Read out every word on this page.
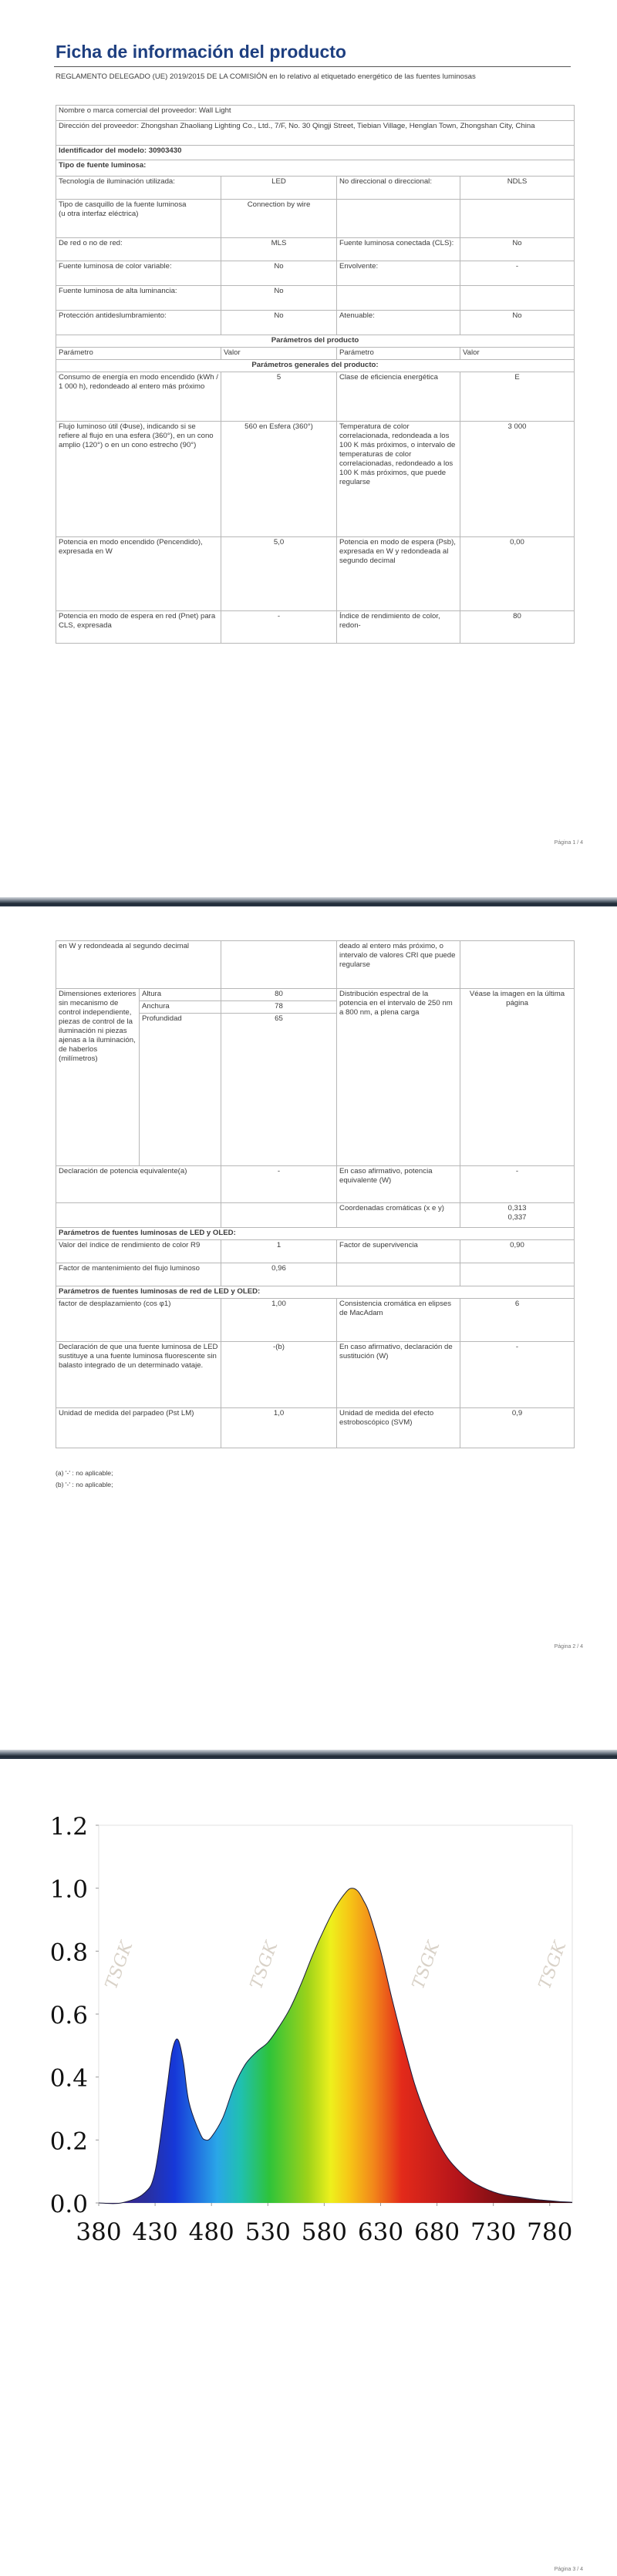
Ficha de información del producto
REGLAMENTO DELEGADO (UE) 2019/2015 DE LA COMISIÓN en lo relativo al etiquetado energético de las fuentes luminosas
Nombre o marca comercial del proveedor: Wall Light			
Dirección del proveedor: Zhongshan Zhaoliang Lighting Co., Ltd., 7/F, No. 30 Qingji Street, Tiebian Village, Henglan Town, Zhongshan City, China			
Identificador del modelo: 30903430			
Tipo de fuente luminosa:			
Tecnología de iluminación utilizada:	LED	No direccional o direccional:	NDLS
Tipo de casquillo de la fuente luminosa
(u otra interfaz eléctrica)	Connection by wire		
De red o no de red:	MLS	Fuente luminosa conectada (CLS):	No
Fuente luminosa de color variable:	No	Envolvente:	-
Fuente luminosa de alta luminancia:	No		
Protección antideslumbramiento:	No	Atenuable:	No
Parámetros del producto			
Parámetro	Valor	Parámetro	Valor
Parámetros generales del producto:			
Consumo de energía en modo encendido (kWh / 1 000 h), redondeado al entero más próximo	5	Clase de eficiencia energética	E
Flujo luminoso útil (Φuse), indicando si se refiere al flujo en una esfera (360°), en un cono amplio (120°) o en un cono estrecho (90°)	560 en Esfera (360°)	Temperatura de color correlacionada, redondeada a los 100 K más próximos, o intervalo de temperaturas de color correlacionadas, redondeado a los 100 K más próximos, que puede regularse	3 000
Potencia en modo encendido (Pencendido), expresada en W	5,0	Potencia en modo de espera (Psb), expresada en W y redondeada al segundo decimal	0,00
Potencia en modo de espera en red (Pnet) para CLS, expresada	-	Índice de rendimiento de color, redon-	80
Página 1 / 4
en W y redondeada al segundo decimal			deado al entero más próximo, o intervalo de valores CRI que puede regularse	
Dimensiones exteriores sin mecanismo de control independiente, piezas de control de la iluminación ni piezas ajenas a la iluminación, de haberlos (milímetros)	Altura	80	Distribución espectral de la potencia en el intervalo de 250 nm a 800 nm, a plena carga	Véase la imagen en la última página
	Anchura	78		
	Profundidad	65		
Declaración de potencia equivalente(a)		-	En caso afirmativo, potencia equivalente (W)	-
			Coordenadas cromáticas (x e y)	0,313
0,337

Parámetros de fuentes luminosas de LED y OLED:				
Valor del índice de rendimiento de color R9		1	Factor de supervivencia	0,90
Factor de mantenimiento del flujo luminoso		0,96		
Parámetros de fuentes luminosas de red de LED y OLED:				
factor de desplazamiento (cos φ1)		1,00	Consistencia cromática en elipses de MacAdam	6
Declaración de que una fuente luminosa de LED sustituye a una fuente luminosa fluorescente sin balasto integrado de un determinado vataje.		-(b)	En caso afirmativo, declaración de sustitución (W)	-
Unidad de medida del parpadeo (Pst LM)		1,0	Unidad de medida del efecto estroboscópico (SVM)	0,9
(a) '-' : no aplicable;
(b) '-' : no aplicable;
Página 2 / 4
TSGK	TSGK	TSGK	TSGK
0.0
0.2
0.4
0.6
0.8
1.0
1.2
380 430 480 530 580 630 680 730 780
Página 3 / 4
